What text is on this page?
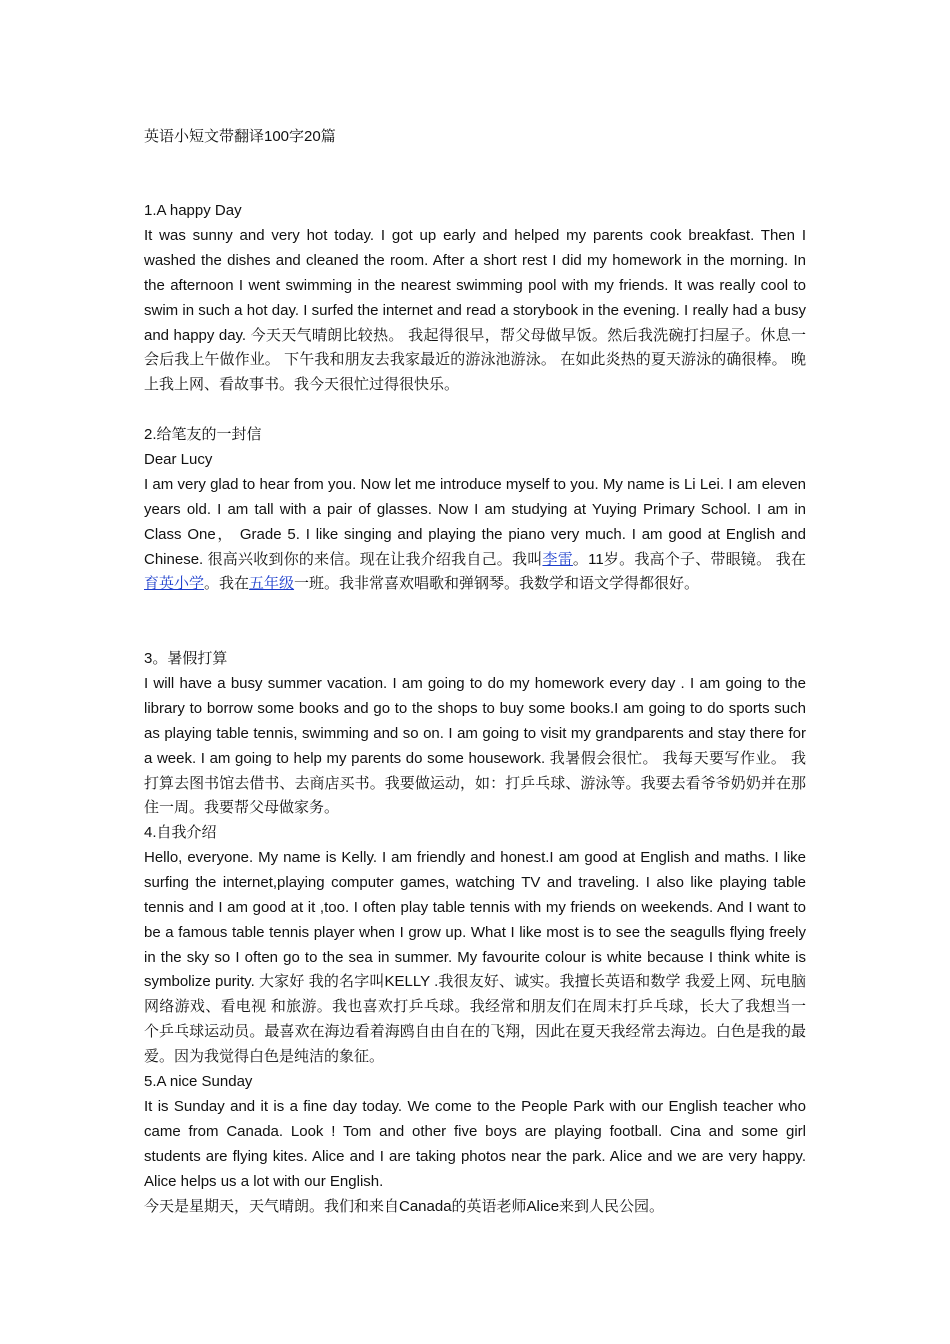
英语小短文带翻译100字20篇

1.A happy Day

It was sunny and very hot today. I got up early and helped my parents cook breakfast. Then I washed the dishes and cleaned the room. After a short rest I did my homework in the morning. In the afternoon I went swimming in the nearest swimming pool with my friends. It was really cool to swim in such a hot day. I surfed the internet and read a storybook in the evening. I really had a busy and happy day. 今天天气晴朗比较热。 我起得很早，帮父母做早饭。然后我洗碗打扫屋子。休息一会后我上午做作业。 下午我和朋友去我家最近的游泳池游泳。 在如此炎热的夏天游泳的确很棒。 晚上我上网、看故事书。我今天很忙过得很快乐。

2.给笔友的一封信

Dear Lucy

I am very glad to hear from you. Now let me introduce myself to you. My name is Li Lei. I am eleven years old. I am tall with a pair of glasses. Now I am studying at Yuying Primary School. I am in Class One， Grade 5. I like singing and playing the piano very much. I am good at English and Chinese. 很高兴收到你的来信。现在让我介绍我自己。我叫李雷。11岁。我高个子、带眼镜。 我在育英小学。我在五年级一班。我非常喜欢唱歌和弹钢琴。我数学和语文学得都很好。

3。暑假打算

I will have a busy summer vacation. I am going to do my homework every day . I am going to the library to borrow some books and go to the shops to buy some books.I am going to do sports such as playing table tennis, swimming and so on. I am going to visit my grandparents and stay there for a week. I am going to help my parents do some housework. 我暑假会很忙。 我每天要写作业。 我打算去图书馆去借书、去商店买书。我要做运动，如：打乒乓球、游泳等。我要去看爷爷奶奶并在那住一周。我要帮父母做家务。

4.自我介绍

Hello, everyone. My name is Kelly. I am friendly and honest.I am good at English and maths. I like surfing the internet,playing computer games, watching TV and traveling. I also like playing table tennis and I am good at it ,too. I often play table tennis with my friends on weekends. And I want to be a famous table tennis player when I grow up. What I like most is to see the seagulls flying freely in the sky so I often go to the sea in summer. My favourite colour is white because I think white is symbolize purity. 大家好 我的名字叫KELLY .我很友好、诚实。我擅长英语和数学 我爱上网、玩电脑网络游戏、看电视 和旅游。我也喜欢打乒乓球。我经常和朋友们在周末打乒乓球，长大了我想当一个乒乓球运动员。最喜欢在海边看着海鸥自由自在的飞翔，因此在夏天我经常去海边。白色是我的最爱。因为我觉得白色是纯洁的象征。

5.A nice Sunday

It is Sunday and it is a fine day today. We come to the People Park with our English teacher who came from Canada. Look ! Tom and other five boys are playing football. Cina and some girl students are flying kites. Alice and I are taking photos near the park. Alice and we are very happy. Alice helps us a lot with our English.

今天是星期天，天气晴朗。我们和来自Canada的英语老师Alice来到人民公园。
